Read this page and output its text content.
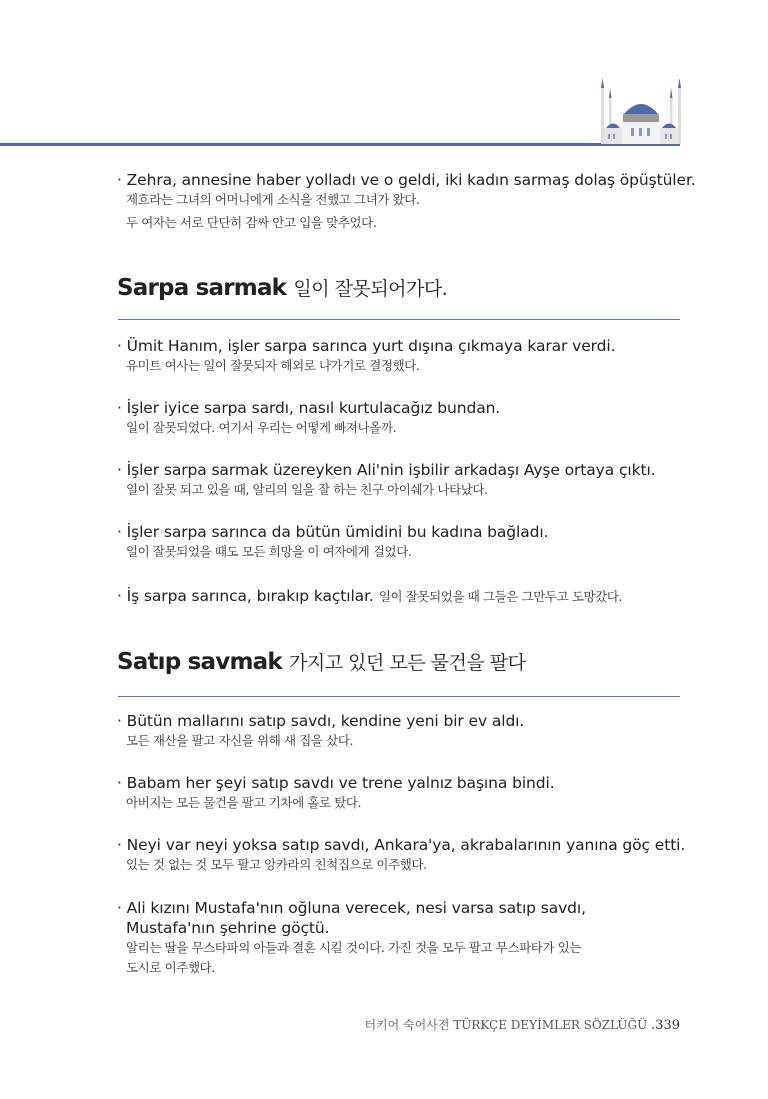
· Zehra, annesine haber yolladı ve o geldi, iki kadın sarmaş dolaş öpüştüler.
제흐라는 그녀의 어머니에게 소식을 전했고 그녀가 왔다.
두 여자는 서로 단단히 감싸 안고 입을 맞추었다.
Sarpa sarmak 일이 잘못되어가다.
· Ümit Hanım, işler sarpa sarınca yurt dışına çıkmaya karar verdi.
유미트 여사는 일이 잘못되자 해외로 나가기로 결정했다.
· İşler iyice sarpa sardı, nasıl kurtulacağız bundan.
일이 잘못되었다. 여기서 우리는 어떻게 빠져나올까.
· İşler sarpa sarmak üzereyken Ali'nin işbilir arkadaşı Ayşe ortaya çıktı.
일이 잘못 되고 있을 때, 알리의 일을 잘 하는 친구 아이쉐가 나타났다.
· İşler sarpa sarınca da bütün ümidini bu kadına bağladı.
일이 잘못되었을 때도 모든 희망을 이 여자에게 걸었다.
· İş sarpa sarınca, bırakıp kaçtılar. 일이 잘못되었을 때 그들은 그만두고 도망갔다.
Satıp savmak 가지고 있던 모든 물건을 팔다
· Bütün mallarını satıp savdı, kendine yeni bir ev aldı.
모든 재산을 팔고 자신을 위해 새 집을 샀다.
· Babam her şeyi satıp savdı ve trene yalnız başına bindi.
아버지는 모든 물건을 팔고 기차에 홀로 탔다.
· Neyi var neyi yoksa satıp savdı, Ankara'ya, akrabalarının yanına göç etti.
있는 것 없는 것 모두 팔고 앙카라의 친척집으로 이주했다.
· Ali kızını Mustafa'nın oğluna verecek, nesi varsa satıp savdı,
Mustafa'nın şehrine göçtü.
알리는 딸을 무스타파의 아들과 결혼 시킬 것이다. 가진 것을 모두 팔고 무스파타가 있는
도시로 이주했다.
터키어 숙어사전 TÜRKÇE DEYİMLER SÖZLÜĞÜ .339
